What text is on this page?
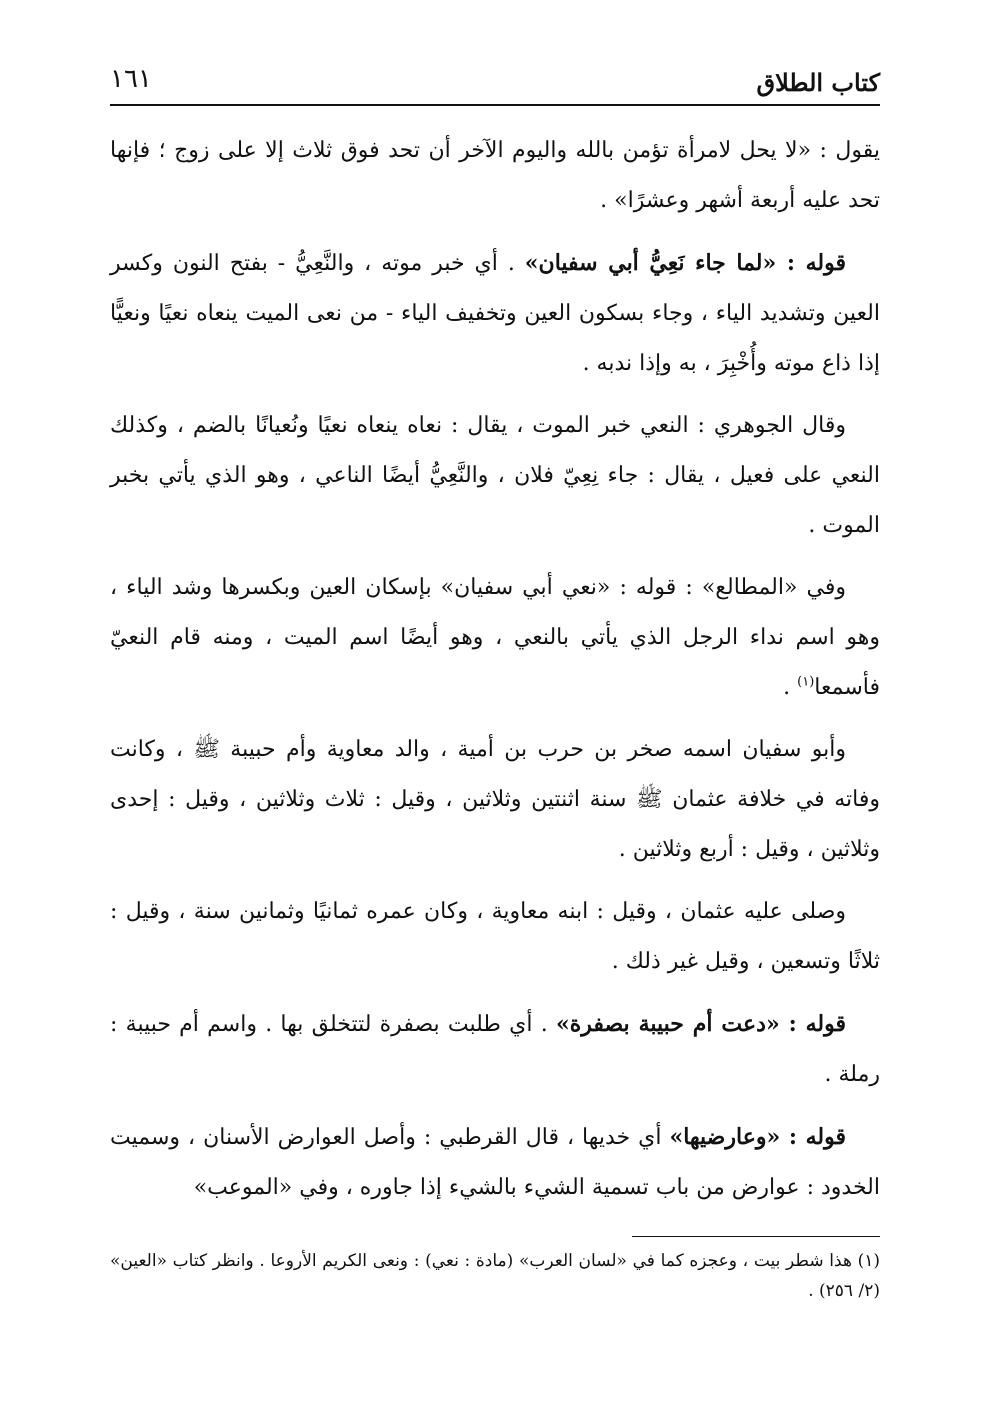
كتاب الطلاق
١٦١

يقول : «لا يحل لامرأة تؤمن بالله واليوم الآخر أن تحد فوق ثلاث إلا على زوج ؛ فإنها تحد عليه أربعة أشهر وعشرًا» .

قوله : «لما جاء نَعِيُّ أبي سفيان» . أي خبر موته ، والنَّعِيُّ - بفتح النون وكسر العين وتشديد الياء ، وجاء بسكون العين وتخفيف الياء - من نعى الميت ينعاه نعيًا ونعيًّا إذا ذاع موته وأُخْبِرَ ، به وإذا ندبه .

وقال الجوهري : النعي خبر الموت ، يقال : نعاه ينعاه نعيًا ونُعيانًا بالضم ، وكذلك النعي على فعيل ، يقال : جاء نِعِيّ فلان ، والنَّعِيُّ أيضًا الناعي ، وهو الذي يأتي بخبر الموت .

وفي «المطالع» : قوله : «نعي أبي سفيان» بإسكان العين وبكسرها وشد الياء ، وهو اسم نداء الرجل الذي يأتي بالنعي ، وهو أيضًا اسم الميت ، ومنه قام النعيّ فأسمعا$^{(١)}$ .

وأبو سفيان اسمه صخر بن حرب بن أمية ، والد معاوية وأم حبيبة ﷺ ، وكانت وفاته في خلافة عثمان ﷺ سنة اثنتين وثلاثين ، وقيل : ثلاث وثلاثين ، وقيل : إحدى وثلاثين ، وقيل : أربع وثلاثين .

وصلى عليه عثمان ، وقيل : ابنه معاوية ، وكان عمره ثمانيًا وثمانين سنة ، وقيل : ثلاثًا وتسعين ، وقيل غير ذلك .

قوله : «دعت أم حبيبة بصفرة» . أي طلبت بصفرة لتتخلق بها . واسم أم حبيبة : رملة .

قوله : «وعارضيها» أي خديها ، قال القرطبي : وأصل العوارض الأسنان ، وسميت الخدود : عوارض من باب تسمية الشيء بالشيء إذا جاوره ، وفي «الموعب»

(١) هذا شطر بيت ، وعجزه كما في «لسان العرب» (مادة : نعي) : ونعى الكريم الأروعا . وانظر كتاب «العين» (٢/ ٢٥٦) .
